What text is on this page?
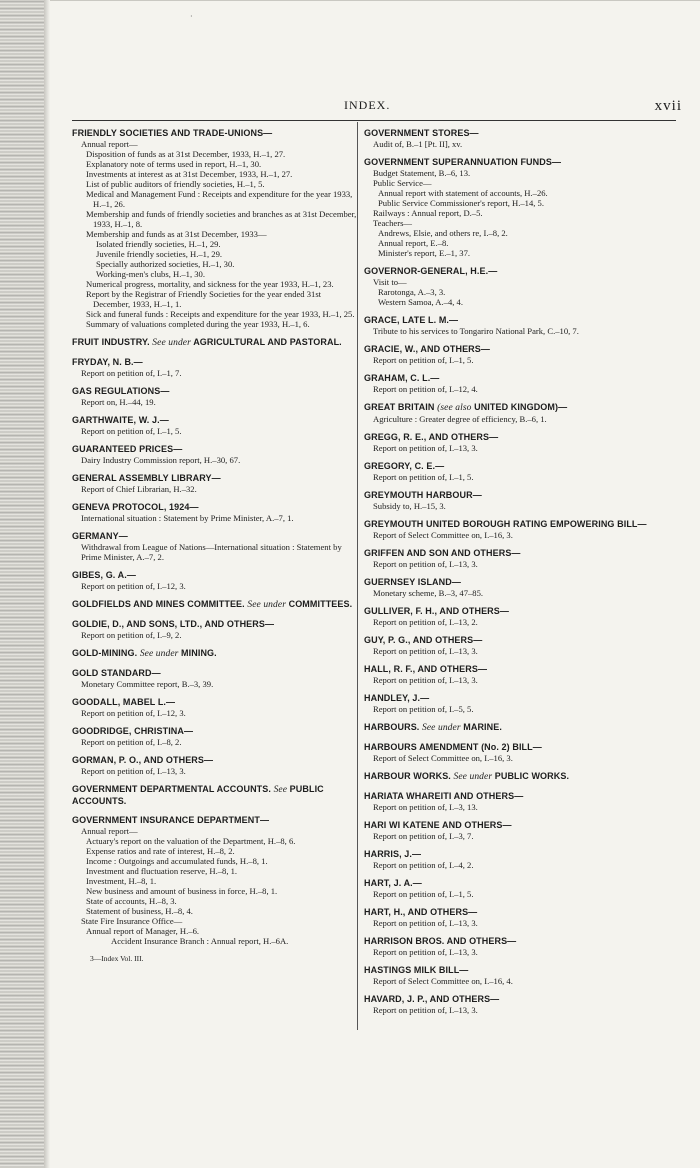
·
INDEX.	xvii
FRIENDLY SOCIETIES AND TRADE-UNIONS—
Annual report—
Disposition of funds as at 31st December, 1933, H.–1, 27.
Explanatory note of terms used in report, H.–1, 30.
Investments at interest as at 31st December, 1933, H.–1, 27.
List of public auditors of friendly societies, H.–1, 5.
Medical and Management Fund : Receipts and expenditure for the year 1933, H.–1, 26.
Membership and funds of friendly societies and branches as at 31st December, 1933, H.–1, 8.
Membership and funds as at 31st December, 1933—
Isolated friendly societies, H.–1, 29.
Juvenile friendly societies, H.–1, 29.
Specially authorized societies, H.–1, 30.
Working-men's clubs, H.–1, 30.
Numerical progress, mortality, and sickness for the year 1933, H.–1, 23.
Report by the Registrar of Friendly Societies for the year ended 31st December, 1933, H.–1, 1.
Sick and funeral funds : Receipts and expenditure for the year 1933, H.–1, 25.
Summary of valuations completed during the year 1933, H.–1, 6.
FRUIT INDUSTRY. See under AGRICULTURAL AND PASTORAL.
FRYDAY, N. B.—
Report on petition of, I.–1, 7.
GAS REGULATIONS—
Report on, H.–44, 19.
GARTHWAITE, W. J.—
Report on petition of, I.–1, 5.
GUARANTEED PRICES—
Dairy Industry Commission report, H.–30, 67.
GENERAL ASSEMBLY LIBRARY—
Report of Chief Librarian, H.–32.
GENEVA PROTOCOL, 1924—
International situation : Statement by Prime Minister, A.–7, 1.
GERMANY—
Withdrawal from League of Nations—International situation : Statement by Prime Minister, A.–7, 2.
GIBES, G. A.—
Report on petition of, I.–12, 3.
GOLDFIELDS AND MINES COMMITTEE. See under COMMITTEES.
GOLDIE, D., AND SONS, LTD., AND OTHERS—
Report on petition of, I.–9, 2.
GOLD-MINING. See under MINING.
GOLD STANDARD—
Monetary Committee report, B.–3, 39.
GOODALL, MABEL L.—
Report on petition of, I.–12, 3.
GOODRIDGE, CHRISTINA—
Report on petition of, I.–8, 2.
GORMAN, P. O., AND OTHERS—
Report on petition of, I.–13, 3.
GOVERNMENT DEPARTMENTAL ACCOUNTS. See PUBLIC ACCOUNTS.
GOVERNMENT INSURANCE DEPARTMENT—
Annual report—
Actuary's report on the valuation of the Department, H.–8, 6.
Expense ratios and rate of interest, H.–8, 2.
Income : Outgoings and accumulated funds, H.–8, 1.
Investment and fluctuation reserve, H.–8, 1.
Investment, H.–8, 1.
New business and amount of business in force, H.–8, 1.
State of accounts, H.–8, 3.
Statement of business, H.–8, 4.
State Fire Insurance Office—
Annual report of Manager, H.–6.
Accident Insurance Branch : Annual report, H.–6A.
3—Index Vol. III.
GOVERNMENT STORES—
Audit of, B.–1 [Pt. II], xv.
GOVERNMENT SUPERANNUATION FUNDS—
Budget Statement, B.–6, 13.
Public Service—
Annual report with statement of accounts, H.–26.
Public Service Commissioner's report, H.–14, 5.
Railways : Annual report, D.–5.
Teachers—
Andrews, Elsie, and others re, I.–8, 2.
Annual report, E.–8.
Minister's report, E.–1, 37.
GOVERNOR-GENERAL, H.E.—
Visit to—
Rarotonga, A.–3, 3.
Western Samoa, A.–4, 4.
GRACE, LATE L. M.—
Tribute to his services to Tongariro National Park, C.–10, 7.
GRACIE, W., AND OTHERS—
Report on petition of, I.–1, 5.
GRAHAM, C. L.—
Report on petition of, I.–12, 4.
GREAT BRITAIN (see also UNITED KINGDOM)—
Agriculture : Greater degree of efficiency, B.–6, 1.
GREGG, R. E., AND OTHERS—
Report on petition of, I.–13, 3.
GREGORY, C. E.—
Report on petition of, I.–1, 5.
GREYMOUTH HARBOUR—
Subsidy to, H.–15, 3.
GREYMOUTH UNITED BOROUGH RATING EMPOWERING BILL—
Report of Select Committee on, I.–16, 3.
GRIFFEN AND SON AND OTHERS—
Report on petition of, I.–13, 3.
GUERNSEY ISLAND—
Monetary scheme, B.–3, 47–85.
GULLIVER, F. H., AND OTHERS—
Report on petition of, I.–13, 2.
GUY, P. G., AND OTHERS—
Report on petition of, I.–13, 3.
HALL, R. F., AND OTHERS—
Report on petition of, I.–13, 3.
HANDLEY, J.—
Report on petition of, I.–5, 5.
HARBOURS. See under MARINE.
HARBOURS AMENDMENT (No. 2) BILL—
Report of Select Committee on, I.–16, 3.
HARBOUR WORKS. See under PUBLIC WORKS.
HARIATA WHAREITI AND OTHERS—
Report on petition of, I.–3, 13.
HARI WI KATENE AND OTHERS—
Report on petition of, I.–3, 7.
HARRIS, J.—
Report on petition of, I.–4, 2.
HART, J. A.—
Report on petition of, I.–1, 5.
HART, H., AND OTHERS—
Report on petition of, I.–13, 3.
HARRISON BROS. AND OTHERS—
Report on petition of, I.–13, 3.
HASTINGS MILK BILL—
Report of Select Committee on, I.–16, 4.
HAVARD, J. P., AND OTHERS—
Report on petition of, I.–13, 3.
